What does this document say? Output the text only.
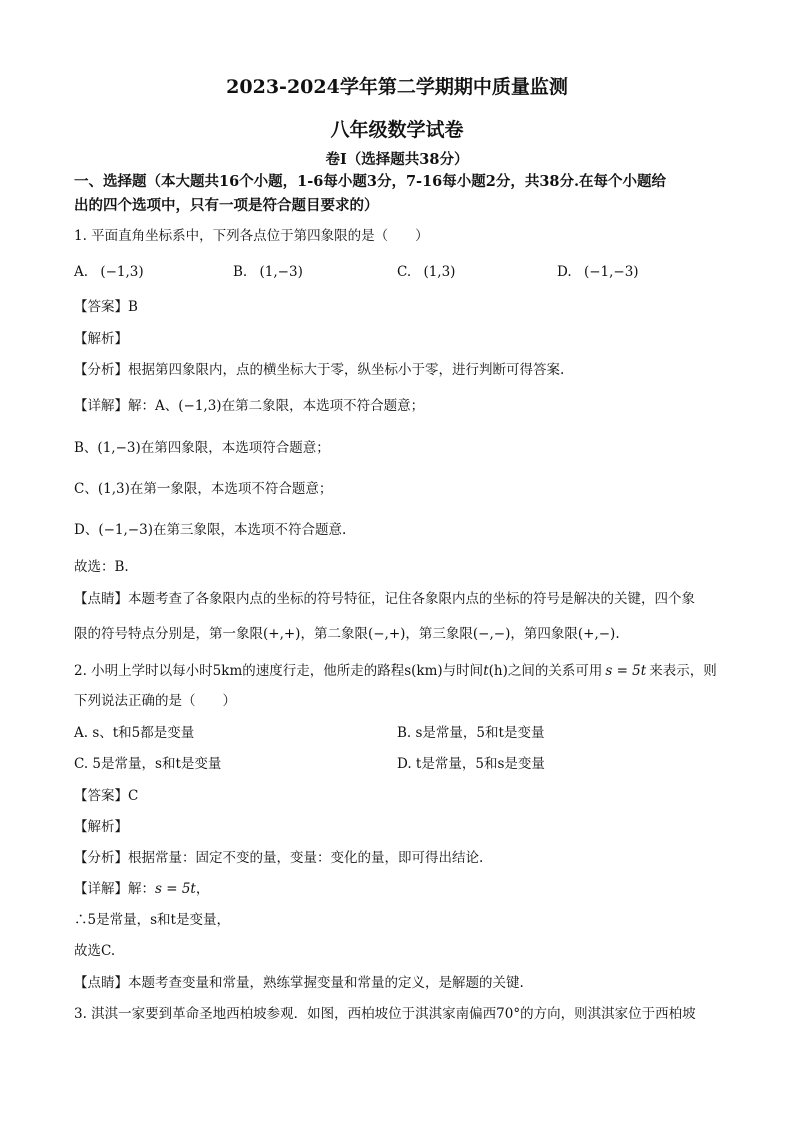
2023-2024学年第二学期期中质量监测
八年级数学试卷
卷I（选择题共38分）
一、选择题（本大题共16个小题，1-6每小题3分，7-16每小题2分，共38分.在每个小题给
出的四个选项中，只有一项是符合题目要求的）
1. 平面直角坐标系中，下列各点位于第四象限的是（　　）
A. (−1,3)	B. (1,−3)	C. (1,3)	D. (−1,−3)
【答案】B
【解析】
【分析】根据第四象限内，点的横坐标大于零，纵坐标小于零，进行判断可得答案.
【详解】解：A、(−1,3)在第二象限，本选项不符合题意；
B、(1,−3)在第四象限，本选项符合题意；
C、(1,3)在第一象限，本选项不符合题意；
D、(−1,−3)在第三象限，本选项不符合题意.
故选：B.
【点睛】本题考查了各象限内点的坐标的符号特征，记住各象限内点的坐标的符号是解决的关键，四个象
限的符号特点分别是，第一象限(+,+)，第二象限(−,+)，第三象限(−,−)，第四象限(+,−).
2. 小明上学时以每小时5km的速度行走，他所走的路程s(km)与时间t(h)之间的关系可用 s = 5t 来表示，则
下列说法正确的是（　　）
A. s、t和5都是变量	B. s是常量，5和t是变量
C. 5是常量，s和t是变量	D. t是常量，5和s是变量
【答案】C
【解析】
【分析】根据常量：固定不变的量，变量：变化的量，即可得出结论.
【详解】解：s = 5t，
∴5是常量，s和t是变量，
故选C.
【点睛】本题考查变量和常量，熟练掌握变量和常量的定义，是解题的关键.
3. 淇淇一家要到革命圣地西柏坡参观．如图，西柏坡位于淇淇家南偏西70°的方向，则淇淇家位于西柏坡
